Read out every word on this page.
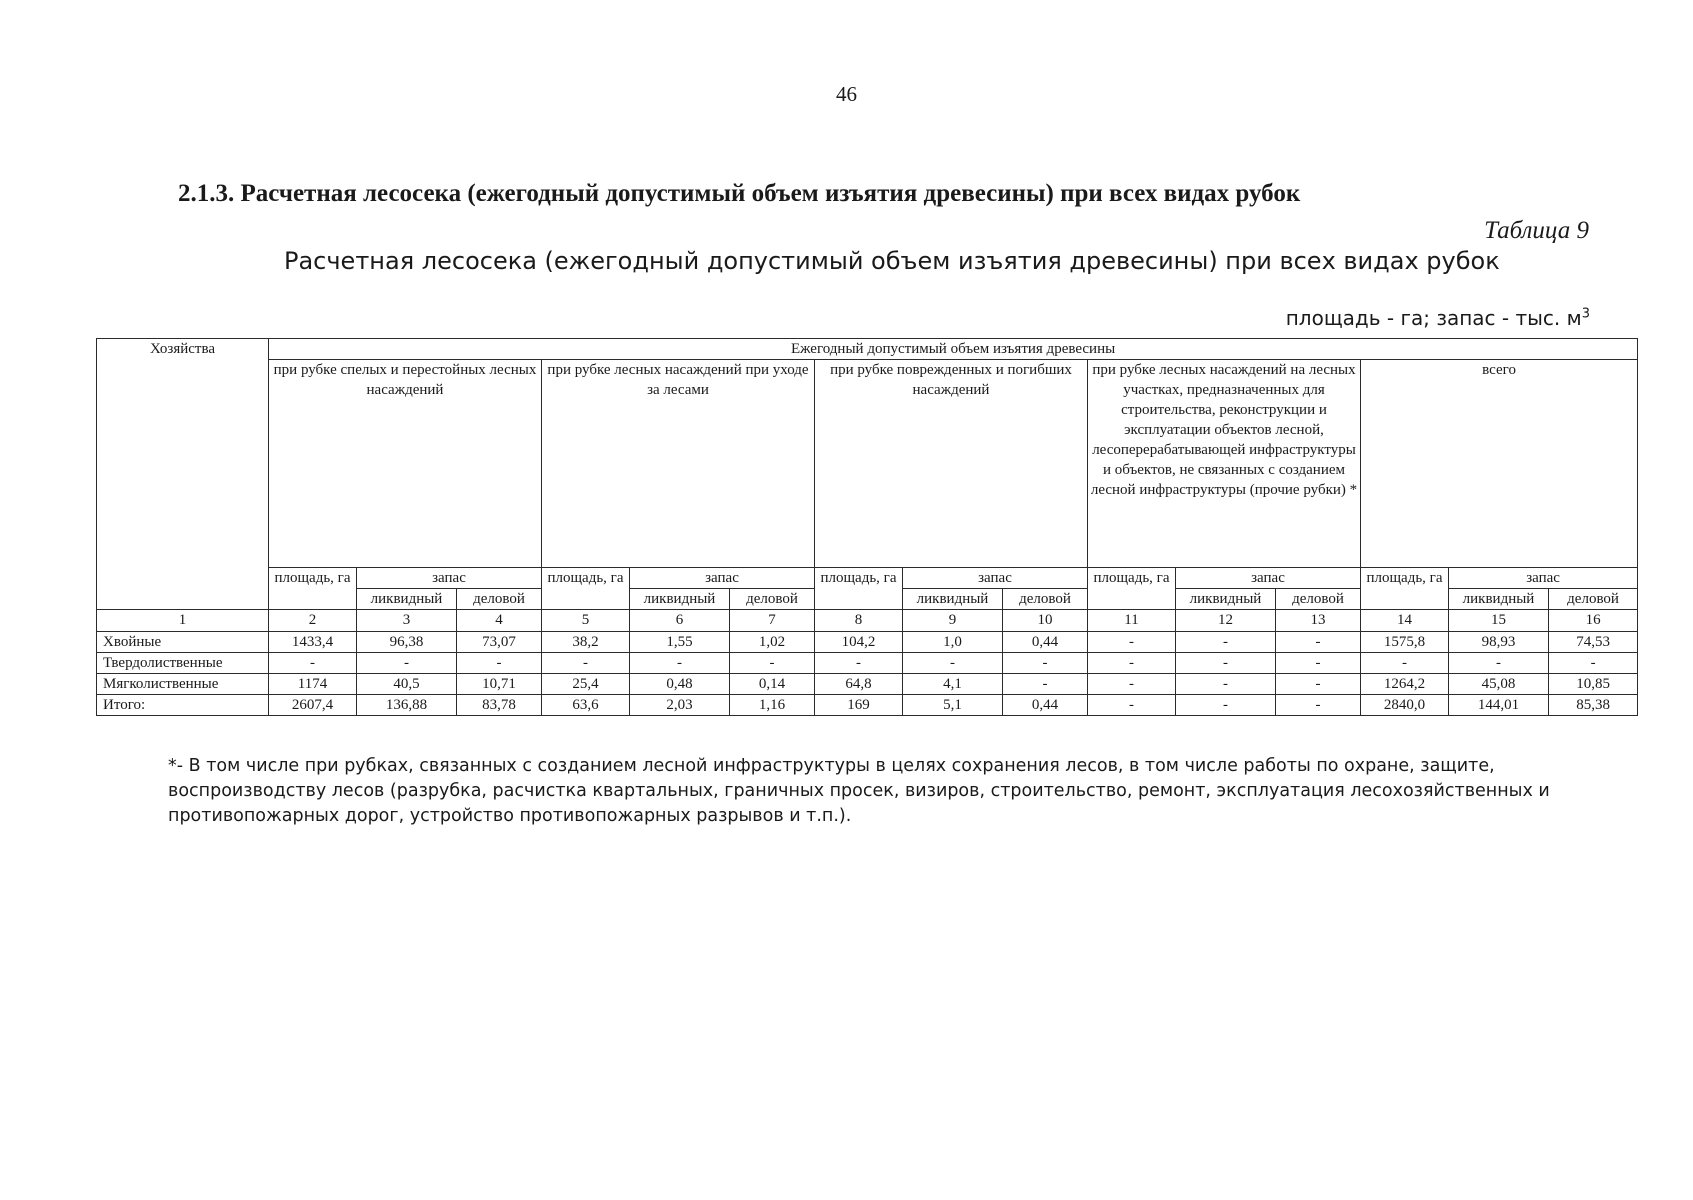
46
2.1.3. Расчетная лесосека (ежегодный допустимый объем изъятия древесины) при всех видах рубок
Таблица 9
Расчетная лесосека (ежегодный допустимый объем изъятия древесины) при всех видах рубок
площадь - га; запас - тыс. $м^3$
Хозяйства	Ежегодный допустимый объем изъятия древесины														
	при рубке спелых и перестойных лесных насаждений			при рубке лесных насаждений при уходе за лесами			при рубке поврежденных и погибших насаждений			при рубке лесных насаждений на лесных участках, предназначенных для строительства, реконструкции и эксплуатации объектов лесной, лесоперерабатывающей инфраструктуры и объектов, не связанных с созданием лесной инфраструктуры (прочие рубки) *			всего		
	площадь, га	запас		площадь, га	запас		площадь, га	запас		площадь, га	запас		площадь, га	запас	
		ликвидный	деловой		ликвидный	деловой		ликвидный	деловой		ликвидный	деловой		ликвидный	деловой
1	2	3	4	5	6	7	8	9	10	11	12	13	14	15	16
Хвойные	1433,4	96,38	73,07	38,2	1,55	1,02	104,2	1,0	0,44	-	-	-	1575,8	98,93	74,53
Твердолиственные	-	-	-	-	-	-	-	-	-	-	-	-	-	-	-
Мягколиственные	1174	40,5	10,71	25,4	0,48	0,14	64,8	4,1	-	-	-	-	1264,2	45,08	10,85
Итого:	2607,4	136,88	83,78	63,6	2,03	1,16	169	5,1	0,44	-	-	-	2840,0	144,01	85,38
*- В том числе при рубках, связанных с созданием лесной инфраструктуры в целях сохранения лесов, в том числе работы по охране, защите, воспроизводству лесов (разрубка, расчистка квартальных, граничных просек, визиров, строительство, ремонт, эксплуатация лесохозяйственных и противопожарных дорог, устройство противопожарных разрывов и т.п.).
